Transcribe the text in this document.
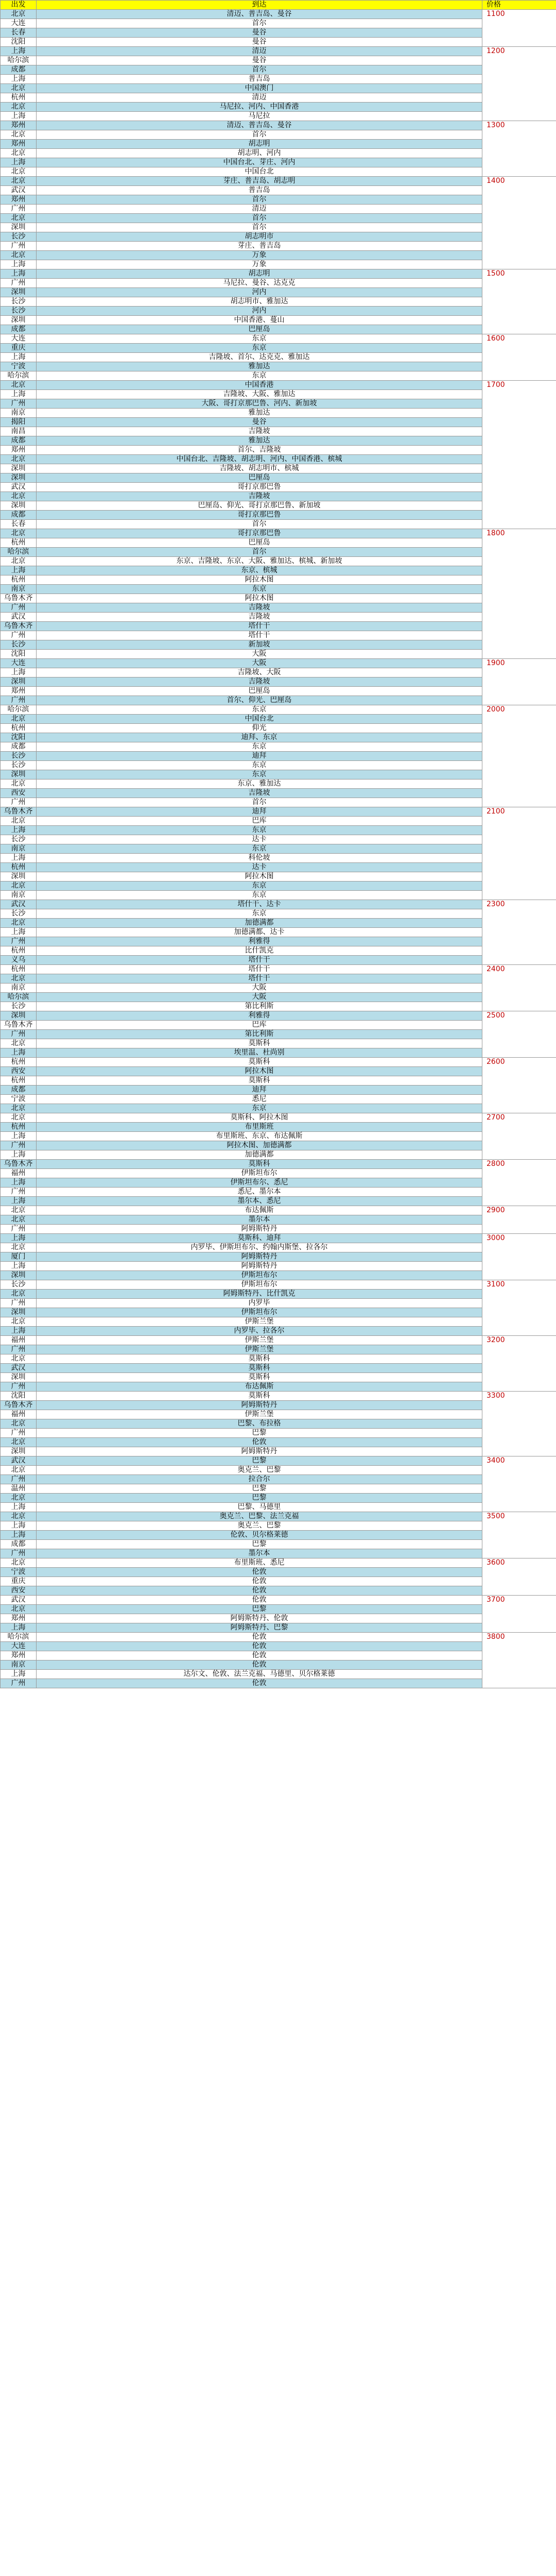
出发	到达	价格
北京	清迈、普吉岛、曼谷	1100
大连	首尔	
长春	曼谷	
沈阳	曼谷	
上海	清迈	1200
哈尔滨	曼谷	
成都	首尔	
上海	普吉岛	
北京	中国澳门	
杭州	清迈	
北京	马尼拉、河内、中国香港	
上海	马尼拉	
郑州	清迈、普吉岛、曼谷	1300
北京	首尔	
郑州	胡志明	
北京	胡志明、河内	
上海	中国台北、芽庄、河内	
北京	中国台北	
北京	芽庄、普吉岛、胡志明	1400
武汉	普吉岛	
郑州	首尔	
广州	清迈	
北京	首尔	
深圳	首尔	
长沙	胡志明市	
广州	芽庄、普吉岛	
北京	万象	
上海	万象	
上海	胡志明	1500
广州	马尼拉、曼谷、达克克	
深圳	河内	
长沙	胡志明市、雅加达	
长沙	河内	
深圳	中国香港、蔓山	
成都	巴厘岛	
大连	东京	1600
重庆	东京	
上海	吉隆坡、首尔、达克克、雅加达	
宁波	雅加达	
哈尔滨	东京	
北京	中国香港	1700
上海	吉隆坡、大阪、雅加达	
广州	大阪、哥打京那巴鲁、河内、新加坡	
南京	雅加达	
揭阳	曼谷	
南昌	吉隆坡	
成都	雅加达	
郑州	首尔、吉隆坡	
北京	中国台北、吉隆坡、胡志明、河内、中国香港、槟城	
深圳	吉隆坡、胡志明市、槟城	
深圳	巴厘岛	
武汉	哥打京那巴鲁	
北京	吉隆坡	
深圳	巴厘岛、仰光、哥打京那巴鲁、新加坡	
成都	哥打京那巴鲁	
长春	首尔	
北京	哥打京那巴鲁	1800
杭州	巴厘岛	
哈尔滨	首尔	
北京	东京、吉隆坡、东京、大阪、雅加达、槟城、新加坡	
上海	东京、槟城	
杭州	阿拉木图	
南京	东京	
乌鲁木齐	阿拉木图	
广州	吉隆坡	
武汉	吉隆坡	
乌鲁木齐	塔什干	
广州	塔什干	
长沙	新加坡	
沈阳	大阪	
大连	大阪	1900
上海	吉隆坡、大阪	
深圳	吉隆坡	
郑州	巴厘岛	
广州	首尔、仰光、巴厘岛	
哈尔滨	东京	2000
北京	中国台北	
杭州	仰光	
沈阳	迪拜、东京	
成都	东京	
长沙	迪拜	
长沙	东京	
深圳	东京	
北京	东京、雅加达	
西安	吉隆坡	
广州	首尔	
乌鲁木齐	迪拜	2100
北京	巴库	
上海	东京	
长沙	达卡	
南京	东京	
上海	科伦坡	
杭州	达卡	
深圳	阿拉木图	
北京	东京	
南京	东京	
武汉	塔什干、达卡	2300
长沙	东京	
北京	加德满都	
上海	加德满都、达卡	
广州	利雅得	
杭州	比什凯克	
义乌	塔什干	
杭州	塔什干	2400
北京	塔什干	
南京	大阪	
哈尔滨	大阪	
长沙	第比利斯	
深圳	利雅得	2500
乌鲁木齐	巴库	
广州	第比利斯	
北京	莫斯科	
上海	埃里温、杜尚别	
杭州	莫斯科	2600
西安	阿拉木图	
杭州	莫斯科	
成都	迪拜	
宁波	悉尼	
北京	东京	
北京	莫斯科、阿拉木图	2700
杭州	布里斯班	
上海	布里斯班、东京、布达佩斯	
广州	阿拉木图、加德满都	
上海	加德满都	
乌鲁木齐	莫斯科	2800
福州	伊斯坦布尔	
上海	伊斯坦布尔、悉尼	
广州	悉尼、墨尔本	
上海	墨尔本、悉尼	
北京	布达佩斯	2900
北京	墨尔本	
广州	阿姆斯特丹	
上海	莫斯科、迪拜	3000
北京	内罗毕、伊斯坦布尔、约翰内斯堡、拉各尔	
厦门	阿姆斯特丹	
上海	阿姆斯特丹	
深圳	伊斯坦布尔	
长沙	伊斯坦布尔	3100
北京	阿姆斯特丹、比什凯克	
广州	内罗毕	
深圳	伊斯坦布尔	
北京	伊斯兰堡	
上海	内罗毕、拉各尔	
福州	伊斯兰堡	3200
广州	伊斯兰堡	
北京	莫斯科	
武汉	莫斯科	
深圳	莫斯科	
广州	布达佩斯	
沈阳	莫斯科	3300
乌鲁木齐	阿姆斯特丹	
福州	伊斯兰堡	
北京	巴黎、布拉格	
广州	巴黎	
北京	伦敦	
深圳	阿姆斯特丹	
武汉	巴黎	3400
北京	奥克兰、巴黎	
广州	拉合尔	
温州	巴黎	
北京	巴黎	
上海	巴黎、马德里	
北京	奥克兰、巴黎、法兰克福	3500
上海	奥克兰、巴黎	
上海	伦敦、贝尔格莱德	
成都	巴黎	
广州	墨尔本	
北京	布里斯班、悉尼	3600
宁波	伦敦	
重庆	伦敦	
西安	伦敦	
武汉	伦敦	3700
北京	巴黎	
郑州	阿姆斯特丹、伦敦	
上海	阿姆斯特丹、巴黎	
哈尔滨	伦敦	3800
大连	伦敦	
郑州	伦敦	
南京	伦敦	
上海	达尔文、伦敦、法兰克福、马德里、贝尔格莱德	
广州	伦敦	
